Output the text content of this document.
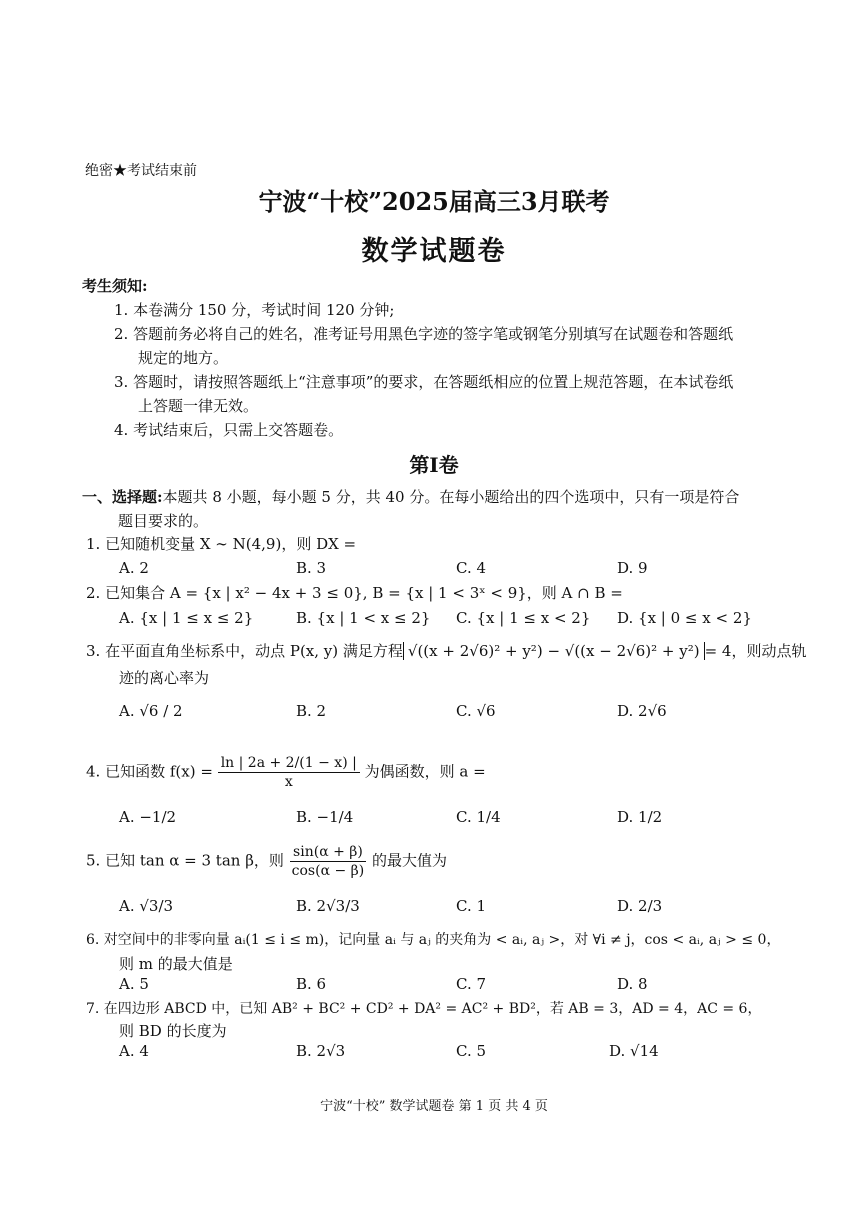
绝密★考试结束前
宁波“十校”2025届高三3月联考
数学试题卷
考生须知:
1. 本卷满分 150 分，考试时间 120 分钟;
2. 答题前务必将自己的姓名，准考证号用黑色字迹的签字笔或钢笔分别填写在试题卷和答题纸
规定的地方。
3. 答题时，请按照答题纸上“注意事项”的要求，在答题纸相应的位置上规范答题，在本试卷纸
上答题一律无效。
4. 考试结束后，只需上交答题卷。
第Ⅰ卷
一、选择题:本题共 8 小题，每小题 5 分，共 40 分。在每小题给出的四个选项中，只有一项是符合
题目要求的。
1. 已知随机变量 X ∼ N(4,9)，则 DX =
A. 2	B. 3	C. 4	D. 9
2. 已知集合 A = {x | x² − 4x + 3 ≤ 0}, B = {x | 1 < 3ˣ < 9}，则 A ∩ B =
A. {x | 1 ≤ x ≤ 2}	B. {x | 1 < x ≤ 2} C. {x | 1 ≤ x < 2} D. {x | 0 ≤ x < 2}
3. 在平面直角坐标系中，动点 P(x, y) 满足方程 √((x + 2√6)² + y²) − √((x − 2√6)² + y²) = 4，则动点轨
迹的离心率为
A. √6 / 2	B. 2	C. √6	D. 2√6
4. 已知函数 $f(x) = \frac{\ln | 2a + 2/(1 - x) |}{x}$ 为偶函数，则 a =
A. −1/2	B. −1/4	C. 1/4	D. 1/2
5. 已知 tan α = 3 tan β，则 $\frac{\sin(\alpha + \beta)}{\cos(\alpha - \beta)}$ 的最大值为
A. √3/3	B. 2√3/3	C. 1	D. 2/3
6. 对空间中的非零向量 aᵢ(1 ≤ i ≤ m)，记向量 aᵢ 与 aⱼ 的夹角为 < aᵢ, aⱼ >，对 ∀i ≠ j，cos < aᵢ, aⱼ > ≤ 0，
则 m 的最大值是
A. 5	B. 6	C. 7	D. 8
7. 在四边形 ABCD 中，已知 AB² + BC² + CD² + DA² = AC² + BD²，若 AB = 3，AD = 4，AC = 6，
则 BD 的长度为
A. 4	B. 2√3	C. 5	D. √14
宁波“十校” 数学试题卷 第 1 页 共 4 页
